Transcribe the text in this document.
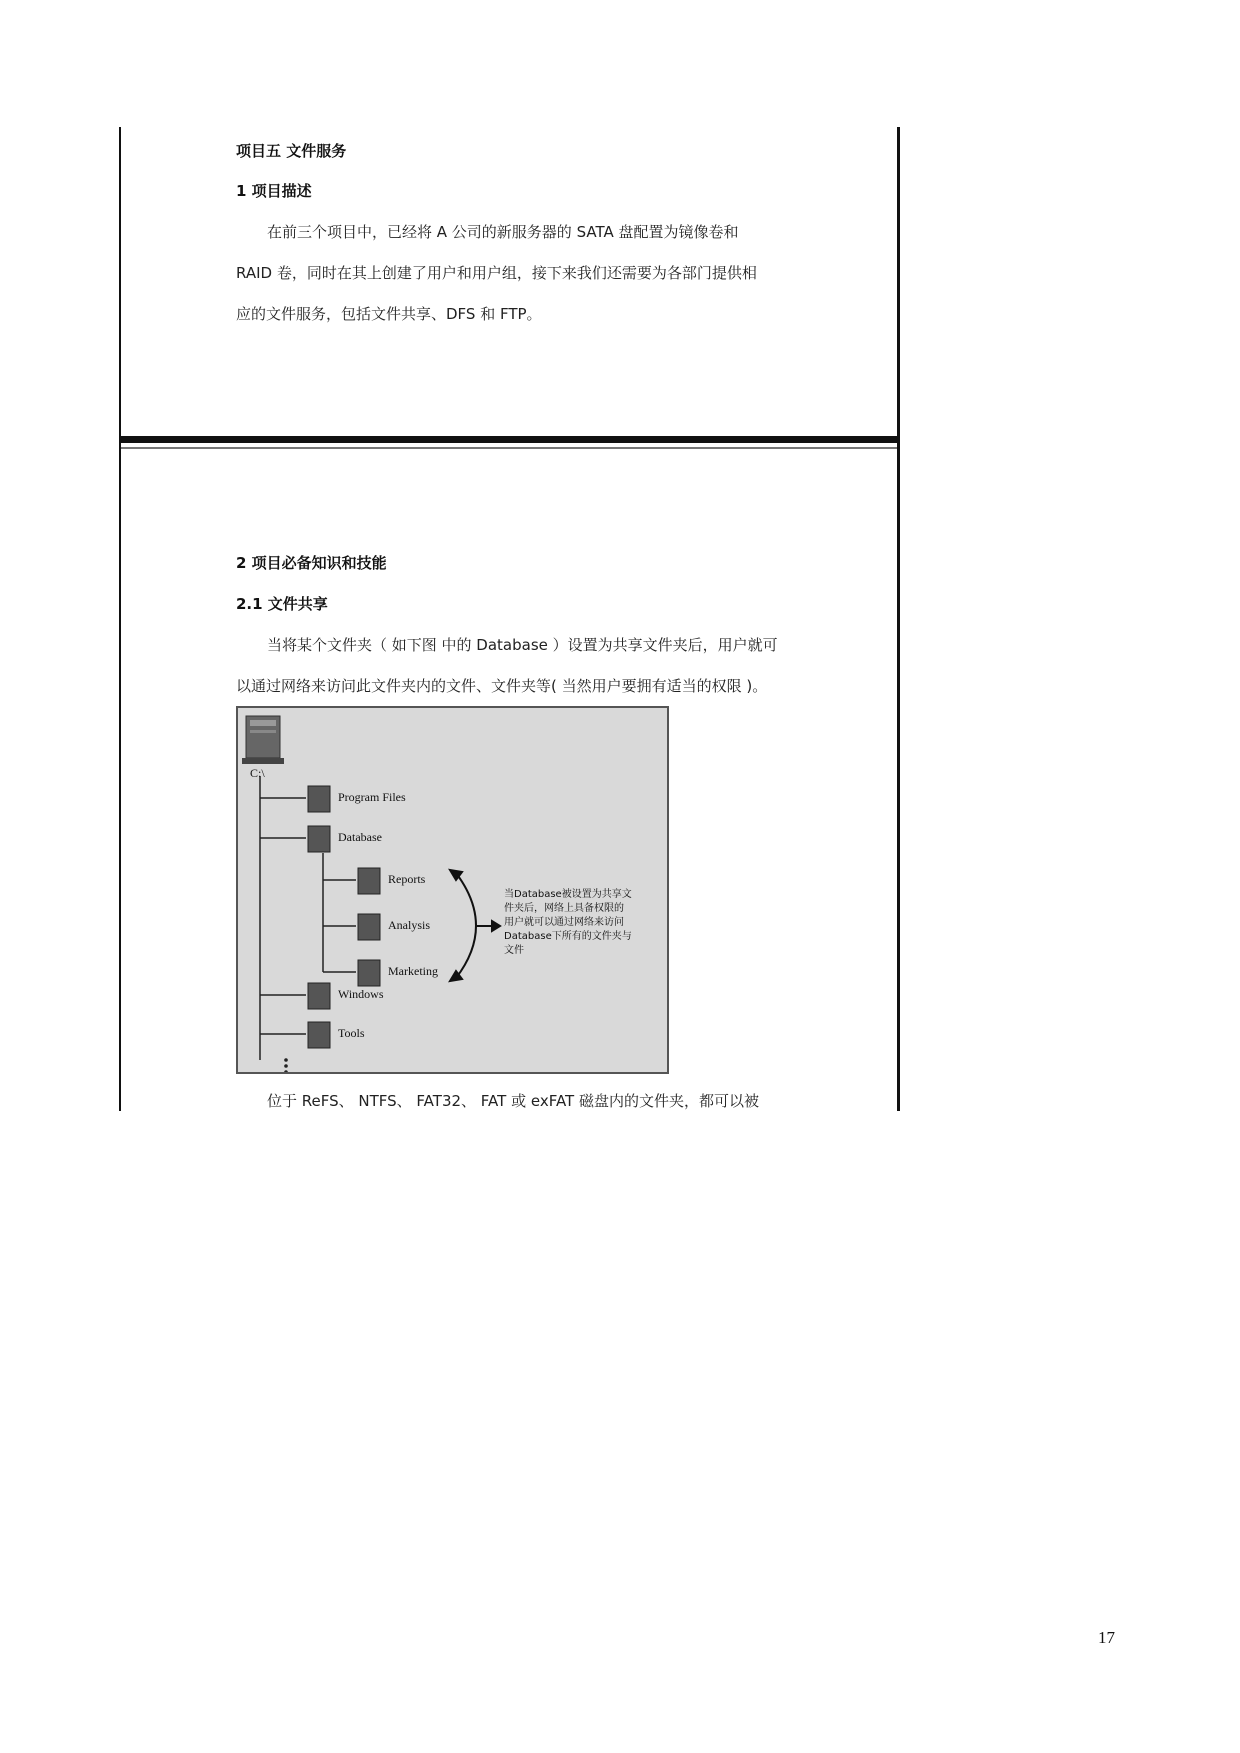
项目五 文件服务
1 项目描述
在前三个项目中，已经将 A 公司的新服务器的 SATA 盘配置为镜像卷和
RAID 卷，同时在其上创建了用户和用户组，接下来我们还需要为各部门提供相
应的文件服务，包括文件共享、DFS 和 FTP。
2 项目必备知识和技能
2.1 文件共享
当将某个文件夹（ 如下图 中的 Database ）设置为共享文件夹后，用户就可
以通过网络来访问此文件夹内的文件、文件夹等( 当然用户要拥有适当的权限 )。
C:\
Program Files
Database
Reports
Analysis
Marketing
Windows
Tools
当Database被设置为共享文
件夹后，网络上具备权限的
用户就可以通过网络来访问
Database下所有的文件夹与
文件
位于 ReFS、 NTFS、 FAT32、 FAT 或 exFAT 磁盘内的文件夹，都可以被
17
